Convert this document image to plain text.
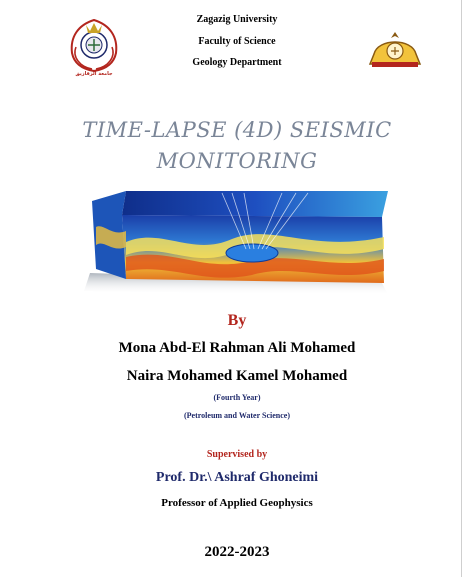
جامعة الزقازيق
Zagazig University
Faculty of Science
Geology Department
TIME-LAPSE (4D) SEISMIC
MONITORING
By
Mona Abd-El Rahman Ali Mohamed
Naira Mohamed Kamel Mohamed
(Fourth Year)
(Petroleum and Water Science)
Supervised by
Prof. Dr.\ Ashraf Ghoneimi
Professor of Applied Geophysics
2022-2023
